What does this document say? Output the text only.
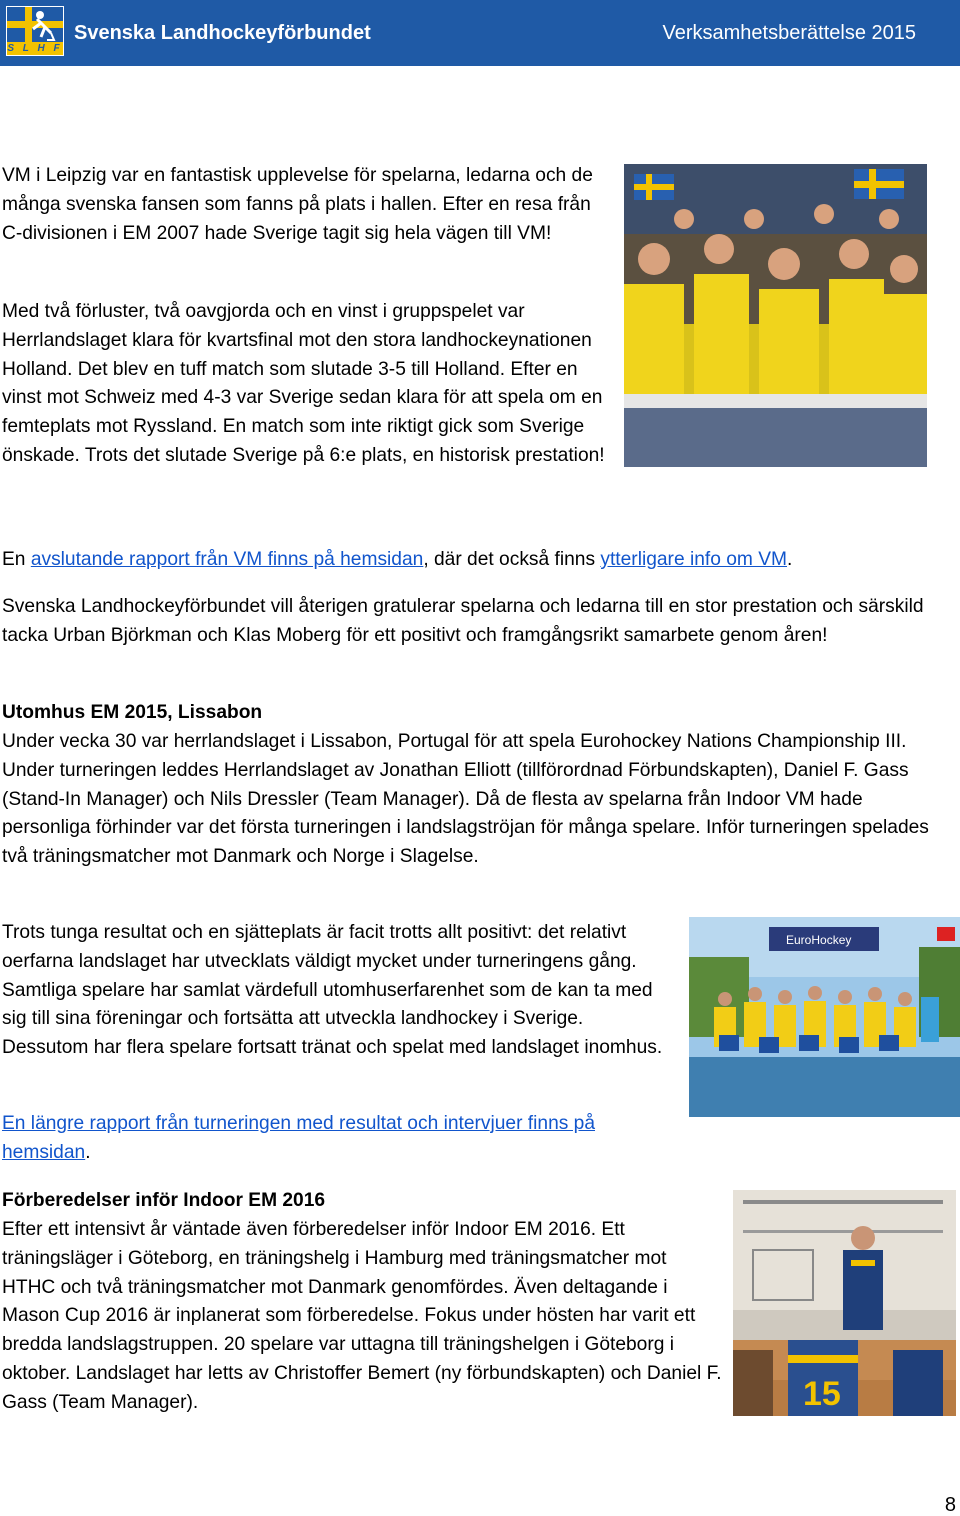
S L H F
Svenska Landhockeyförbundet	Verksamhetsberättelse 2015

VM i Leipzig var en fantastisk upplevelse för spelarna, ledarna och de många svenska fansen som fanns på plats i hallen. Efter en resa från C-divisionen i EM 2007 hade Sverige tagit sig hela vägen till VM!

Med två förluster, två oavgjorda och en vinst i gruppspelet var Herrlandslaget klara för kvartsfinal mot den stora landhockeynationen Holland. Det blev en tuff match som slutade 3-5 till Holland. Efter en vinst mot Schweiz med 4-3 var Sverige sedan klara för att spela om en femteplats mot Ryssland. En match som inte riktigt gick som Sverige önskade. Trots det slutade Sverige på 6:e plats, en historisk prestation!

En avslutande rapport från VM finns på hemsidan, där det också finns ytterligare info om VM.

Svenska Landhockeyförbundet vill återigen gratulerar spelarna och ledarna till en stor prestation och särskild tacka Urban Björkman och Klas Moberg för ett positivt och framgångsrikt samarbete genom åren!

Utomhus EM 2015, Lissabon

Under vecka 30 var herrlandslaget i Lissabon, Portugal för att spela Eurohockey Nations Championship III. Under turneringen leddes Herrlandslaget av Jonathan Elliott (tillförordnad Förbundskapten), Daniel F. Gass (Stand-In Manager) och Nils Dressler (Team Manager). Då de flesta av spelarna från Indoor VM hade personliga förhinder var det första turneringen i landslagströjan för många spelare. Inför turneringen spelades två träningsmatcher mot Danmark och Norge i Slagelse.

Trots tunga resultat och en sjätteplats är facit trotts allt positivt: det relativt oerfarna landslaget har utvecklats väldigt mycket under turneringens gång. Samtliga spelare har samlat värdefull utomhuserfarenhet som de kan ta med sig till sina föreningar och fortsätta att utveckla landhockey i Sverige. Dessutom har flera spelare fortsatt tränat och spelat med landslaget inomhus.

EuroHockey

En längre rapport från turneringen med resultat och intervjuer finns på hemsidan.

Förberedelser inför Indoor EM 2016

Efter ett intensivt år väntade även förberedelser inför Indoor EM 2016. Ett träningsläger i Göteborg, en träningshelg i Hamburg med träningsmatcher mot HTHC och två träningsmatcher mot Danmark genomfördes. Även deltagande i Mason Cup 2016 är inplanerat som förberedelse. Fokus under hösten har varit ett bredda landslagstruppen. 20 spelare var uttagna till träningshelgen i Göteborg i oktober. Landslaget har letts av Christoffer Bemert (ny förbundskapten) och Daniel F. Gass (Team Manager).	15
8
